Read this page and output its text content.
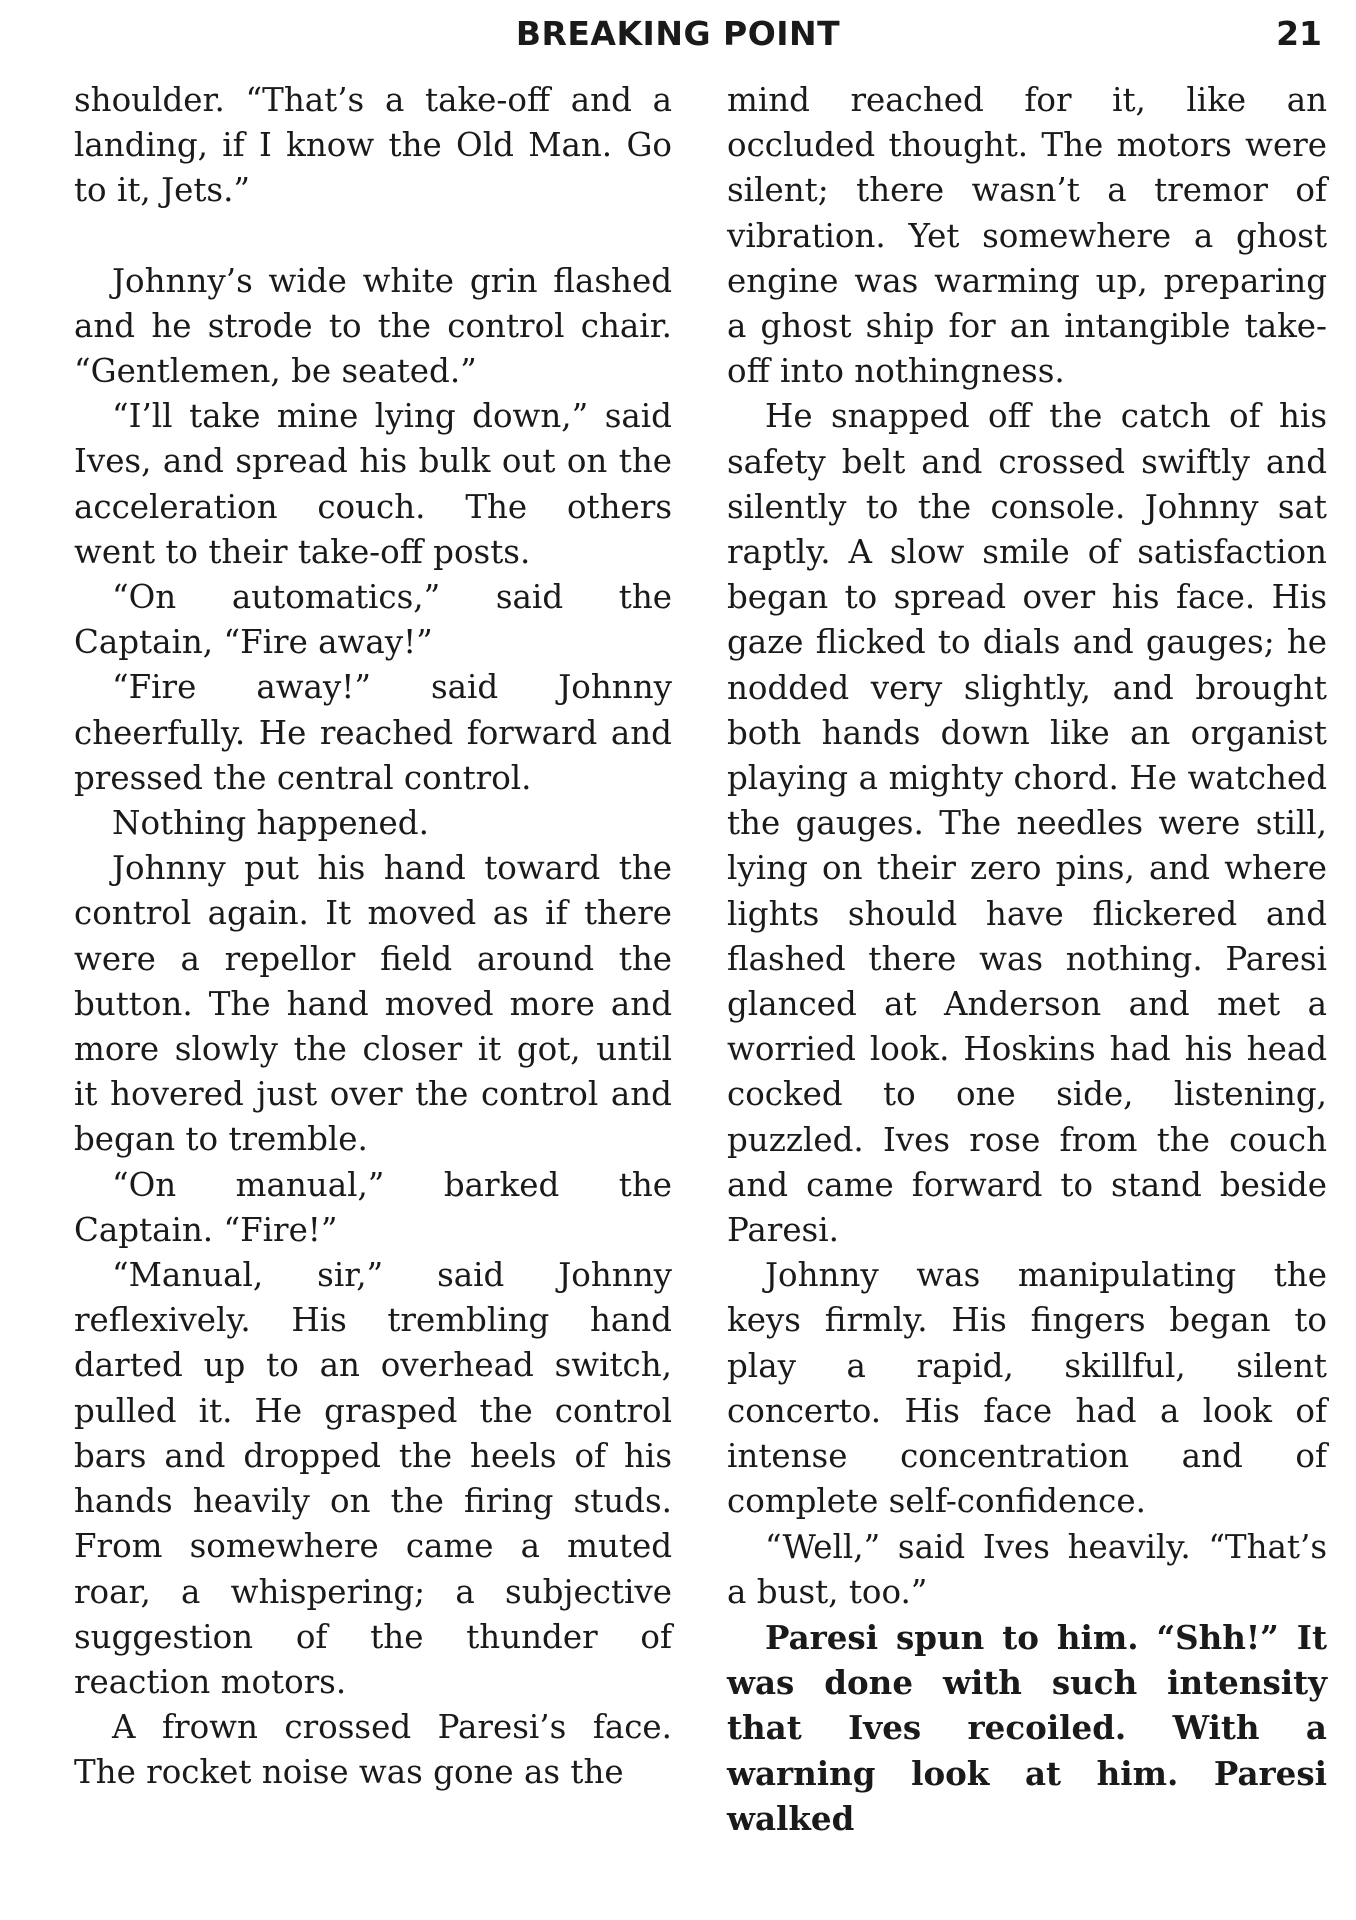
BREAKING POINT	21

shoulder. “That’s a take-off and a landing, if I know the Old Man. Go to it, Jets.”

Johnny’s wide white grin flashed and he strode to the control chair. “Gentlemen, be seated.”

“I’ll take mine lying down,” said Ives, and spread his bulk out on the acceleration couch. The others went to their take-off posts.

“On automatics,” said the Captain, “Fire away!”

“Fire away!” said Johnny cheerfully. He reached forward and pressed the central control.

Nothing happened.

Johnny put his hand toward the control again. It moved as if there were a repellor field around the button. The hand moved more and more slowly the closer it got, until it hovered just over the control and began to tremble.

“On manual,” barked the Captain. “Fire!”

“Manual, sir,” said Johnny reflexively. His trembling hand darted up to an overhead switch, pulled it. He grasped the control bars and dropped the heels of his hands heavily on the firing studs. From somewhere came a muted roar, a whispering; a subjective suggestion of the thunder of reaction motors.

A frown crossed Paresi’s face. The rocket noise was gone as the

mind reached for it, like an occluded thought. The motors were silent; there wasn’t a tremor of vibration. Yet somewhere a ghost engine was warming up, preparing a ghost ship for an intangible take-off into nothingness.

He snapped off the catch of his safety belt and crossed swiftly and silently to the console. Johnny sat raptly. A slow smile of satisfaction began to spread over his face. His gaze flicked to dials and gauges; he nodded very slightly, and brought both hands down like an organist playing a mighty chord. He watched the gauges. The needles were still, lying on their zero pins, and where lights should have flickered and flashed there was nothing. Paresi glanced at Anderson and met a worried look. Hoskins had his head cocked to one side, listening, puzzled. Ives rose from the couch and came forward to stand beside Paresi.

Johnny was manipulating the keys firmly. His fingers began to play a rapid, skillful, silent concerto. His face had a look of intense concentration and of complete self-confidence.

“Well,” said Ives heavily. “That’s a bust, too.”

Paresi spun to him. “Shh!” It was done with such intensity that Ives recoiled. With a warning look at him. Paresi walked
